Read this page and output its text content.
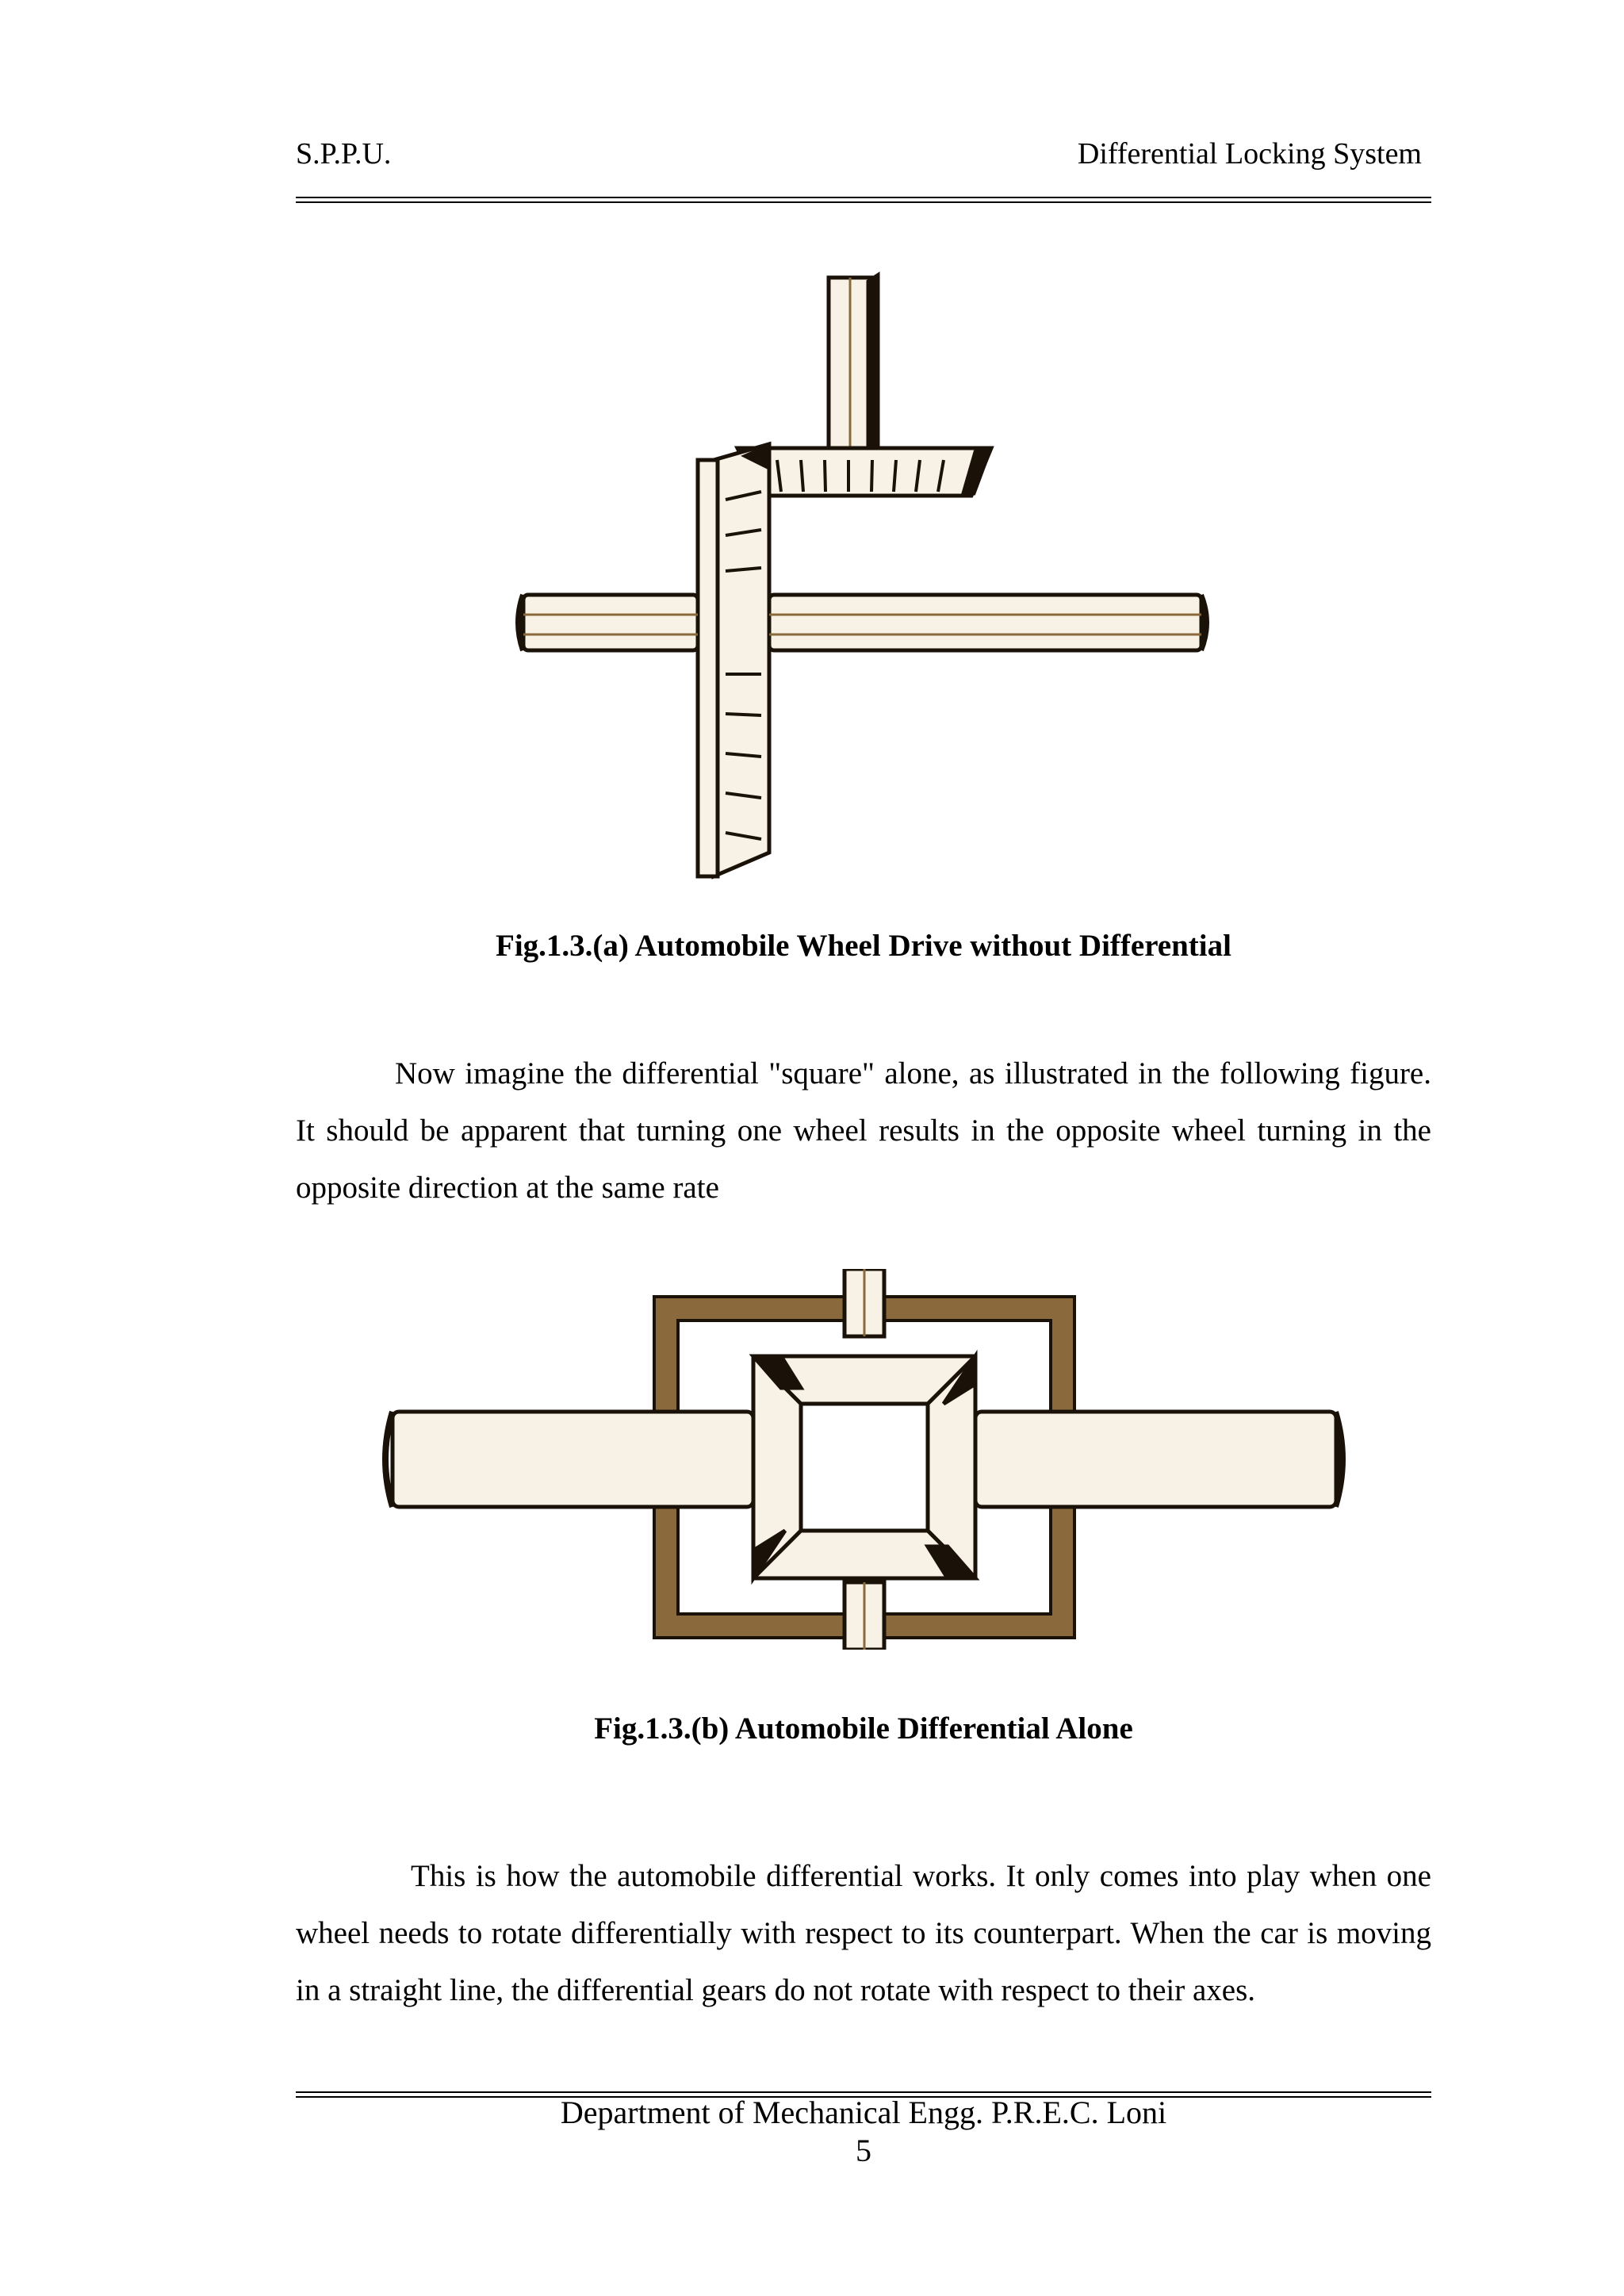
S.P.P.U.	Differential Locking System
Fig.1.3.(a) Automobile Wheel Drive without Differential

Now imagine the differential "square" alone, as illustrated in the following figure. It should be apparent that turning one wheel results in the opposite wheel turning in the opposite direction at the same rate

Fig.1.3.(b) Automobile Differential Alone

This is how the automobile differential works. It only comes into play when one wheel needs to rotate differentially with respect to its counterpart. When the car is moving in a straight line, the differential gears do not rotate with respect to their axes.

Department of Mechanical Engg. P.R.E.C. Loni
5
